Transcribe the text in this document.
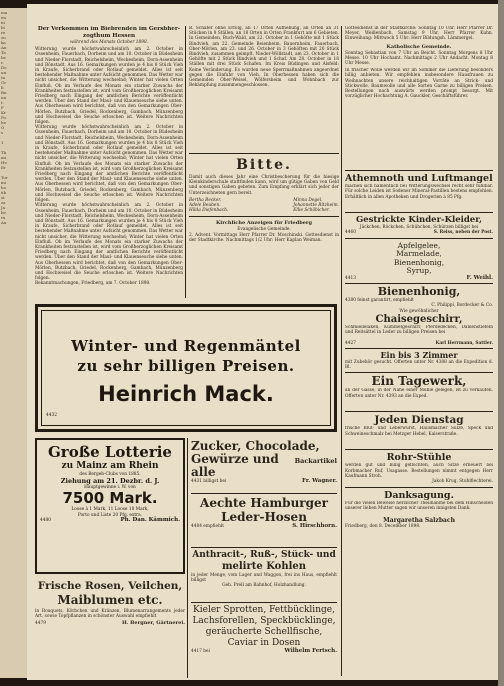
ma
en
ni
bi
re
zu
ka
An
Ta
be
r.
De
un
ta
Gr
li
Bu
un
t.
F
Kr
Po
he
O
s

1

Th
mi
He
Er

Tor
mi
ho
üb
st
za
Ja
be
ru
Au
Der Verkommen im Biebrenden im Gersbher-
zogthum Hessen
während des Monats October 1898.
Witterung wurde höchstwahrscheinlich am 2. October in Ossenheim, Fauerbach, Dorheim und am 10. October in Büdesheim und Nieder-Florstadt, Reichelsheim, Weckesheim, Dorn-Assenheim und Bönstadt. Aus 16. Gemarkungen wurden je 4 bis 8 Stück Vieh in Kraufe, Sicherbrand oder Rotlauf gemeldet. Alles ist seit bestehender Maßnahme unter Aufsicht genommen. Das Wetter war nicht unsicher, die Witterung wechselnd; Winter hat vielen Orten Einfluß. Ob im Verlaufe des Monats ein starker Zuwachs der Krankheiten festzustellen ist, wird vom Großherzoglichen Kreisamt Friedberg nach Eingang der amtlichen Berichte veröffentlicht werden. Über den Stand der Maul- und Klauenseuche siehe unten. Aus Oberhessen wird berichtet, daß von den Gemarkungen Ober-Mörlen, Butzbach, Griedel, Rockenberg, Gambach, Münzenberg und Hochweisel die Seuche erloschen ist. Weitere Nachrichten folgen.
Witterung wurde höchstwahrscheinlich am 2. October in Ossenheim, Fauerbach, Dorheim und am 10. October in Büdesheim und Nieder-Florstadt, Reichelsheim, Weckesheim, Dorn-Assenheim und Bönstadt. Aus 16. Gemarkungen wurden je 4 bis 8 Stück Vieh in Kraufe, Sicherbrand oder Rotlauf gemeldet. Alles ist seit bestehender Maßnahme unter Aufsicht genommen. Das Wetter war nicht unsicher, die Witterung wechselnd; Winter hat vielen Orten Einfluß. Ob im Verlaufe des Monats ein starker Zuwachs der Krankheiten festzustellen ist, wird vom Großherzoglichen Kreisamt Friedberg nach Eingang der amtlichen Berichte veröffentlicht werden. Über den Stand der Maul- und Klauenseuche siehe unten. Aus Oberhessen wird berichtet, daß von den Gemarkungen Ober-Mörlen, Butzbach, Griedel, Rockenberg, Gambach, Münzenberg und Hochweisel die Seuche erloschen ist. Weitere Nachrichten folgen.
Witterung wurde höchstwahrscheinlich am 2. October in Ossenheim, Fauerbach, Dorheim und am 10. October in Büdesheim und Nieder-Florstadt, Reichelsheim, Weckesheim, Dorn-Assenheim und Bönstadt. Aus 16. Gemarkungen wurden je 4 bis 8 Stück Vieh in Kraufe, Sicherbrand oder Rotlauf gemeldet. Alles ist seit bestehender Maßnahme unter Aufsicht genommen. Das Wetter war nicht unsicher, die Witterung wechselnd; Winter hat vielen Orten Einfluß. Ob im Verlaufe des Monats ein starker Zuwachs der Krankheiten festzustellen ist, wird vom Großherzoglichen Kreisamt Friedberg nach Eingang der amtlichen Berichte veröffentlicht werden. Über den Stand der Maul- und Klauenseuche siehe unten. Aus Oberhessen wird berichtet, daß von den Gemarkungen Ober-Mörlen, Butzbach, Griedel, Rockenberg, Gambach, Münzenberg und Hochweisel die Seuche erloschen ist. Weitere Nachrichten folgen.
Bekanntmachungen, Friedberg, am 7. October 1898.
B. Schäfer ohne Erfolg, an 17 Orten Aufhebung, an Orten an 31 Stücken in 8 Ställen, an 18 Orten in Orten Frankfurt am 6 Gebieten. In Gemeinden, Buch-Wald, am 22. October in 1 Gehöfte mit 1 Stück Rindvieh, am 22. Gemeinde Beienheim, Bauernheim, Fauerbach, Ober-Mörlen, am 23. und 26. October in 3 Gehöften mit 20 Stück Rindvieh, zusammen geimpft. Nieder-Wöllstadt, am 23. October in 1 Gehöfte mit 2 Stück Rindvieh und 1 Schaf. Am 28. October in 18 Ställen mit drei Stück Schafen. Im Kreis Büdingen und Alsfeld: Keine Veränderung. Es wurden neue Sperrmaßnahmen angeordnet gegen die Einfuhr von Vieh. In Oberhessen haben sich die Gemeinden Ober-Weisel, Wölfersheim und Wohnbach zur Bekämpfung zusammengeschlossen.
Bitte.
Damit auch dieses Jahr eine Christbescherung für die hiesige Kleinkinderschule stattfinden kann, wird um gütige Gaben von Geld und sonstigen Gaben gebeten. Zum Empfang erklärt sich jeder der Unterzeichneten gern bereit.
Bertha Becker.
Adele Beuben.
Hilda Diefenbach.
Minna Degel.
Johannette Ritzheim.
Ellie Schöbicher.
Kirchliche Anzeigen für Friedberg
Evangelische Gemeinde.
2. Advent. Vormittags Herr Pfarrer Dr. Moschinski. Gottesdienst in der Stadtkirche. Nachmittags 1/2 Uhr: Herr Kaplan Weiman.
Gottesdienst in der Stadtkirche: Sonntag 10 Uhr. Herr Pfarrer Dr. Meyer, Weißenbach. Samstag 9 Uhr, Herr Pfarrer Kuhn. Einweihung: Mittwoch 5 Uhr: Herr Bildungsh. Lämmergel.
Katholische Gemeinde.
Sonntag Sebastian von 7 Uhr an Beicht. Sonntag Morgens 8 Uhr Messe. 10 Uhr Hochamt. Nachmittags 2 Uhr Andacht. Montag 8 Uhr Messe.
In frischer Wolle werden wir im Sommer die Lieferung besonders billig anbieten. Wir empfehlen insbesondere Hausfrauen zu Weihnachten unsere reichhaltigen Vorräte an Strick- und Stickwolle, Baumwolle und alle Sorten Garne zu billigen Preisen. Bestellungen nach auswärts werden prompt besorgt. Mit vorzüglicher Hochachtung A. Gauckler, Geschäftsführer.
Athemnoth und Luftmangel
machen sich namentlich bei Witterungswechsel recht sehr fühlbar. Für solche Leiden ist Sodener Mineral-Pastillen bestens empfohlen. Erhältlich in allen Apotheken und Drogerien à 85 Pfg.
Gestrickte Kinder-Kleider,
Jäckchen, Röckchen, Schühchen, Schürzen billigst bei
4460	S. Reiss, neben der Post.
Apfelgelee,
Marmelade,
Bienenhonig,
Syrup,
4413	F. Weihl.
Bienenhonig,
4380 feinst garantirt, empfiehlt
C. Philippi, Bordecker & Co.
Wie gewöhnlicher
Chaisegeschirr,
Schmiedelaken, Kummetgeschirr, Pferdedecken, Damenstiefeln und Reitsättel in Leder zu billigen Preisen bei
4427	Karl Herrmann, Sattler.
Ein bis 3 Zimmer
mit Zubehör gesucht. Offerten unter Nr. 4388 an die Expedition d. Bl.
Ein Tagewerk,
an der Gasse, in der Nähe einer Mühle gelegen, ist zu verkaufen. Offerten unter Nr. 4393 an die Exped.
Jeden Dienstag
frische Blut- und Leberwurst, Hausmacher Sülze, Speck und Schweineschmalz bei Metzger Hebel, Kaiserstraße.
Rohr-Stühle
werden gut und billig geflochten, auch Sitze erneuert bei Korbmacher Ruf, Usagasse. Bestellungen nimmt entgegen Herr Kaufmann Stroh.
Jakob Krug, Stuhlflechterei.
Danksagung.
Für die vielen Beweise herzlicher Theilnahme bei dem Hinscheiden unserer lieben Mutter sagen wir unseren innigsten Dank.
Margaretha Salzbach
Friedberg, den 8. December 1898.
Winter- und Regenmäntel
zu sehr billigen Preisen.
Heinrich Mack.
4432
Große Lotterie
zu Mainz am Rhein
des Bergeb-Clubs von 1885.
Ziehung am 21. Dezbr. d. J.
Hauptgewinne i. W. von
7500 Mark.
Loose à 1 Mark, 11 Loose 10 Mark,
Porto und Liste 20 Pfg. extra.
4480	Ph. Dan. Kämmich.
Frische Rosen, Veilchen,
Maiblumen etc.
in Bouquets, Körbchen und Kränzen, Blumenarrangements jeder Art, sowie Topfpflanzen in schönster Auswahl empfiehlt
4479	H. Bergner, Gärtnerei.
Zucker, Chocolade,
Gewürze und alle
Backartikel
4431 billigst bei	Fr. Wagner.
Aechte Hamburger
Leder-Hosen
4484 empfiehlt	S. Hirschhorn.
Anthracit-, Ruß-, Stück- und
melirte Kohlen
in jeder Menge, vom Lager und Waggon, frei ins Haus, empfiehlt billigst
Geb. Prell am Bahnhof, Holzhandlung.
Kieler Sprotten, Fettbücklinge,
Lachsforellen, Speckbücklinge,
geräucherte Schellfische,
Caviar in Dosen
4417 bei	Wilhelm Fertsch.
